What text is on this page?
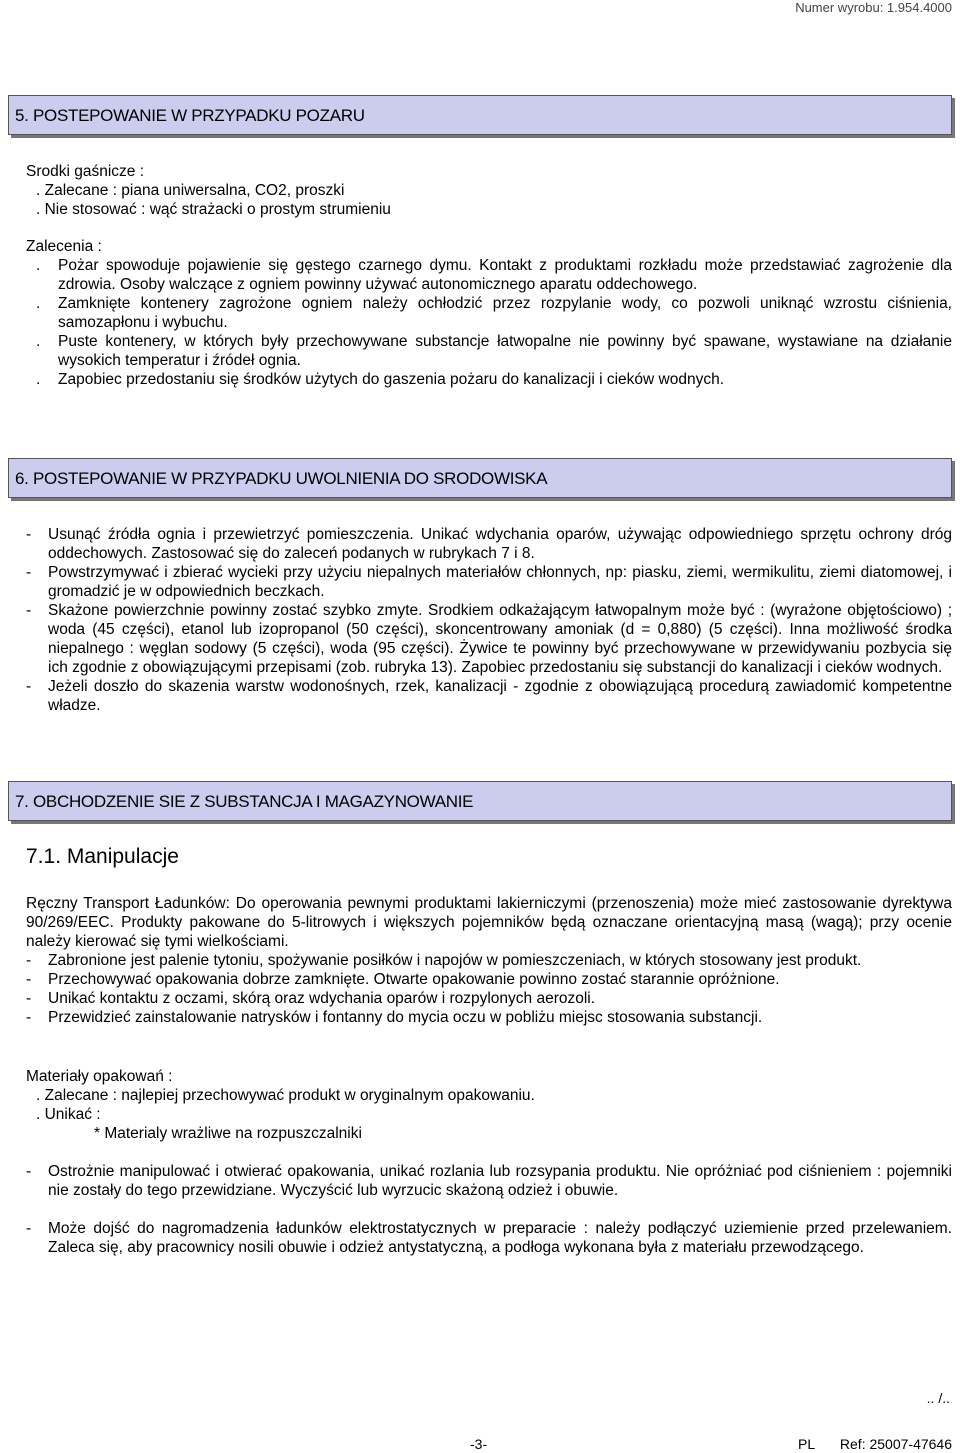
Numer wyrobu: 1.954.4000
5. POSTEPOWANIE W PRZYPADKU POZARU
Srodki gaśnicze :
. Zalecane : piana uniwersalna, CO2, proszki
. Nie stosować : wąć strażacki o prostym strumieniu
Zalecenia :
. Pożar spowoduje pojawienie się gęstego czarnego dymu. Kontakt z produktami rozkładu może przedstawiać zagrożenie dla zdrowia. Osoby walczące z ogniem powinny używać autonomicznego aparatu oddechowego.
. Zamknięte kontenery zagrożone ogniem należy ochłodzić przez rozpylanie wody, co pozwoli uniknąć wzrostu ciśnienia, samozapłonu i wybuchu.
. Puste kontenery, w których były przechowywane substancje łatwopalne nie powinny być spawane, wystawiane na działanie wysokich temperatur i źródeł ognia.
. Zapobiec przedostaniu się środków użytych do gaszenia pożaru do kanalizacji i cieków wodnych.
6. POSTEPOWANIE W PRZYPADKU UWOLNIENIA DO SRODOWISKA
- Usunąć źródła ognia i przewietrzyć pomieszczenia. Unikać wdychania oparów, używając odpowiedniego sprzętu ochrony dróg oddechowych. Zastosować się do zaleceń podanych w rubrykach 7 i 8.
- Powstrzymywać i zbierać wycieki przy użyciu niepalnych materiałów chłonnych, np: piasku, ziemi, wermikulitu, ziemi diatomowej, i gromadzić je w odpowiednich beczkach.
- Skażone powierzchnie powinny zostać szybko zmyte. Srodkiem odkażającym łatwopalnym może być : (wyrażone objętościowo) ; woda (45 części), etanol lub izopropanol (50 części), skoncentrowany amoniak (d = 0,880) (5 części). Inna możliwość środka niepalnego : węglan sodowy (5 części), woda (95 części). Żywice te powinny być przechowywane w przewidywaniu pozbycia się ich zgodnie z obowiązującymi przepisami (zob. rubryka 13). Zapobiec przedostaniu się substancji do kanalizacji i cieków wodnych.
- Jeżeli doszło do skazenia warstw wodonośnych, rzek, kanalizacji - zgodnie z obowiązującą procedurą zawiadomić kompetentne władze.
7. OBCHODZENIE SIE Z SUBSTANCJA I MAGAZYNOWANIE
7.1. Manipulacje
Ręczny Transport Ładunków: Do operowania pewnymi produktami lakierniczymi (przenoszenia) może mieć zastosowanie dyrektywa 90/269/EEC. Produkty pakowane do 5-litrowych i większych pojemników będą oznaczane orientacyjną masą (wagą); przy ocenie należy kierować się tymi wielkościami.
- Zabronione jest palenie tytoniu, spożywanie posiłków i napojów w pomieszczeniach, w których stosowany jest produkt.
- Przechowywać opakowania dobrze zamknięte. Otwarte opakowanie powinno zostać starannie opróżnione.
- Unikać kontaktu z oczami, skórą oraz wdychania oparów i rozpylonych aerozoli.
- Przewidzieć zainstalowanie natrysków i fontanny do mycia oczu w pobliżu miejsc stosowania substancji.
Materiały opakowań :
. Zalecane : najlepiej przechowywać produkt w oryginalnym opakowaniu.
. Unikać :
* Materialy wrażliwe na rozpuszczalniki
- Ostrożnie manipulować i otwierać opakowania, unikać rozlania lub rozsypania produktu. Nie opróżniać pod ciśnieniem : pojemniki nie zostały do tego przewidziane. Wyczyścić lub wyrzucic skażoną odzież i obuwie.
- Może dojść do nagromadzenia ładunków elektrostatycznych w preparacie : należy podłączyć uziemienie przed przelewaniem. Zaleca się, aby pracownicy nosili obuwie i odzież antystatyczną, a podłoga wykonana była z materiału przewodzącego.
.. /..
-3-	PL Ref: 25007-47646
